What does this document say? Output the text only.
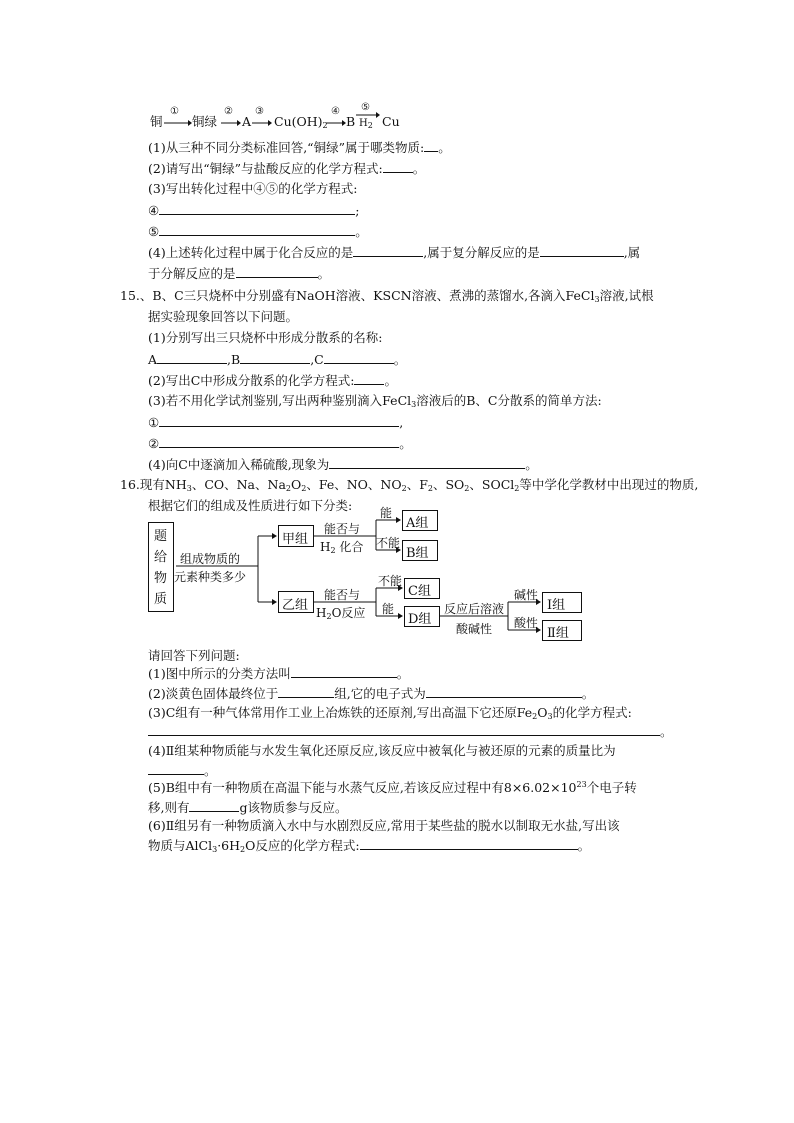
铜
①
铜绿
②
A
③
$Cu(OH)_2$
④
B
⑤
$H_2$ Cu
(1)从三种不同分类标准回答,“铜绿”属于哪类物质: 。
(2)请写出“铜绿”与盐酸反应的化学方程式: 。
(3)写出转化过程中④⑤的化学方程式:
④	;
⑤	。
(4)上述转化过程中属于化合反应的是	,属于复分解反应的是	,属
于分解反应的是	。
15.、B、C三只烧杯中分别盛有NaOH溶液、KSCN溶液、煮沸的蒸馏水,各滴入FeCl$_3$溶液,试根
据实验现象回答以下问题。
(1)分别写出三只烧杯中形成分散系的名称:
A	,B	,C	。
(2)写出C中形成分散系的化学方程式: 。
(3)若不用化学试剂鉴别,写出两种鉴别滴入FeCl$_3$溶液后的B、C分散系的简单方法:
①	,
②	。
(4)向C中逐滴加入稀硫酸,现象为	。
16.现有$NH_3$、CO、Na、$Na_2O_2$、Fe、NO、$NO_2$、$F_2$、$SO_2$、SOCl$_2$等中学化学教材中出现过的物质,
根据它们的组成及性质进行如下分类:
题
给
物
质
组成物质的
元素种类多少
甲组
乙组
能否与
$H_2$ 化合
能
不能
A组
B组
能否与
$H_2O$反应
不能
能
C组
D组
反应后溶液
酸碱性
碱性
酸性
Ⅰ组
Ⅱ组
请回答下列问题:
(1)图中所示的分类方法叫	。
(2)淡黄色固体最终位于	组,它的电子式为	。
(3)C组有一种气体常用作工业上冶炼铁的还原剂,写出高温下它还原$Fe_2O_3$的化学方程式:
。
(4)Ⅱ组某种物质能与水发生氧化还原反应,该反应中被氧化与被还原的元素的质量比为
。
(5)B组中有一种物质在高温下能与水蒸气反应,若该反应过程中有$8\times 6.02\times 10^{23}$个电子转
移,则有	g该物质参与反应。
(6)Ⅱ组另有一种物质滴入水中与水剧烈反应,常用于某些盐的脱水以制取无水盐,写出该
物质与$AlCl_3\cdot 6H_2O$反应的化学方程式:	。
